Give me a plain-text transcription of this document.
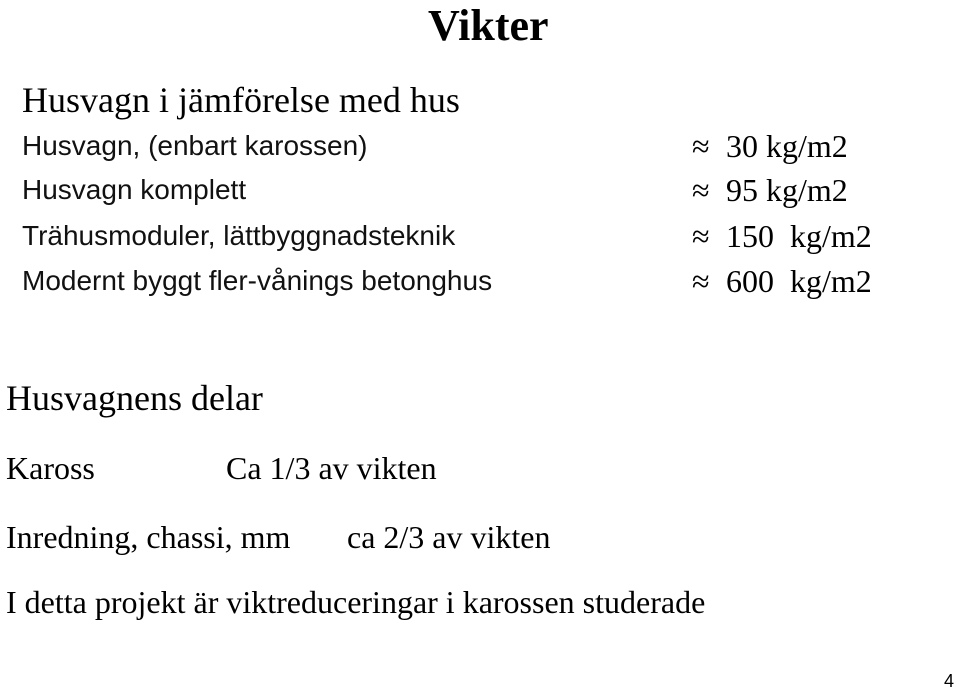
Vikter
Husvagn i jämförelse med hus
Husvagn, (enbart karossen)	≈ 30 kg/m2
Husvagn komplett	≈ 95 kg/m2
Trähusmoduler, lättbyggnadsteknik	≈ 150  kg/m2
Modernt byggt fler-vånings betonghus	≈ 600  kg/m2
Husvagnens delar
Kaross	Ca 1/3 av vikten
Inredning, chassi, mm ca 2/3 av vikten
I detta projekt är viktreduceringar i karossen studerade
4
